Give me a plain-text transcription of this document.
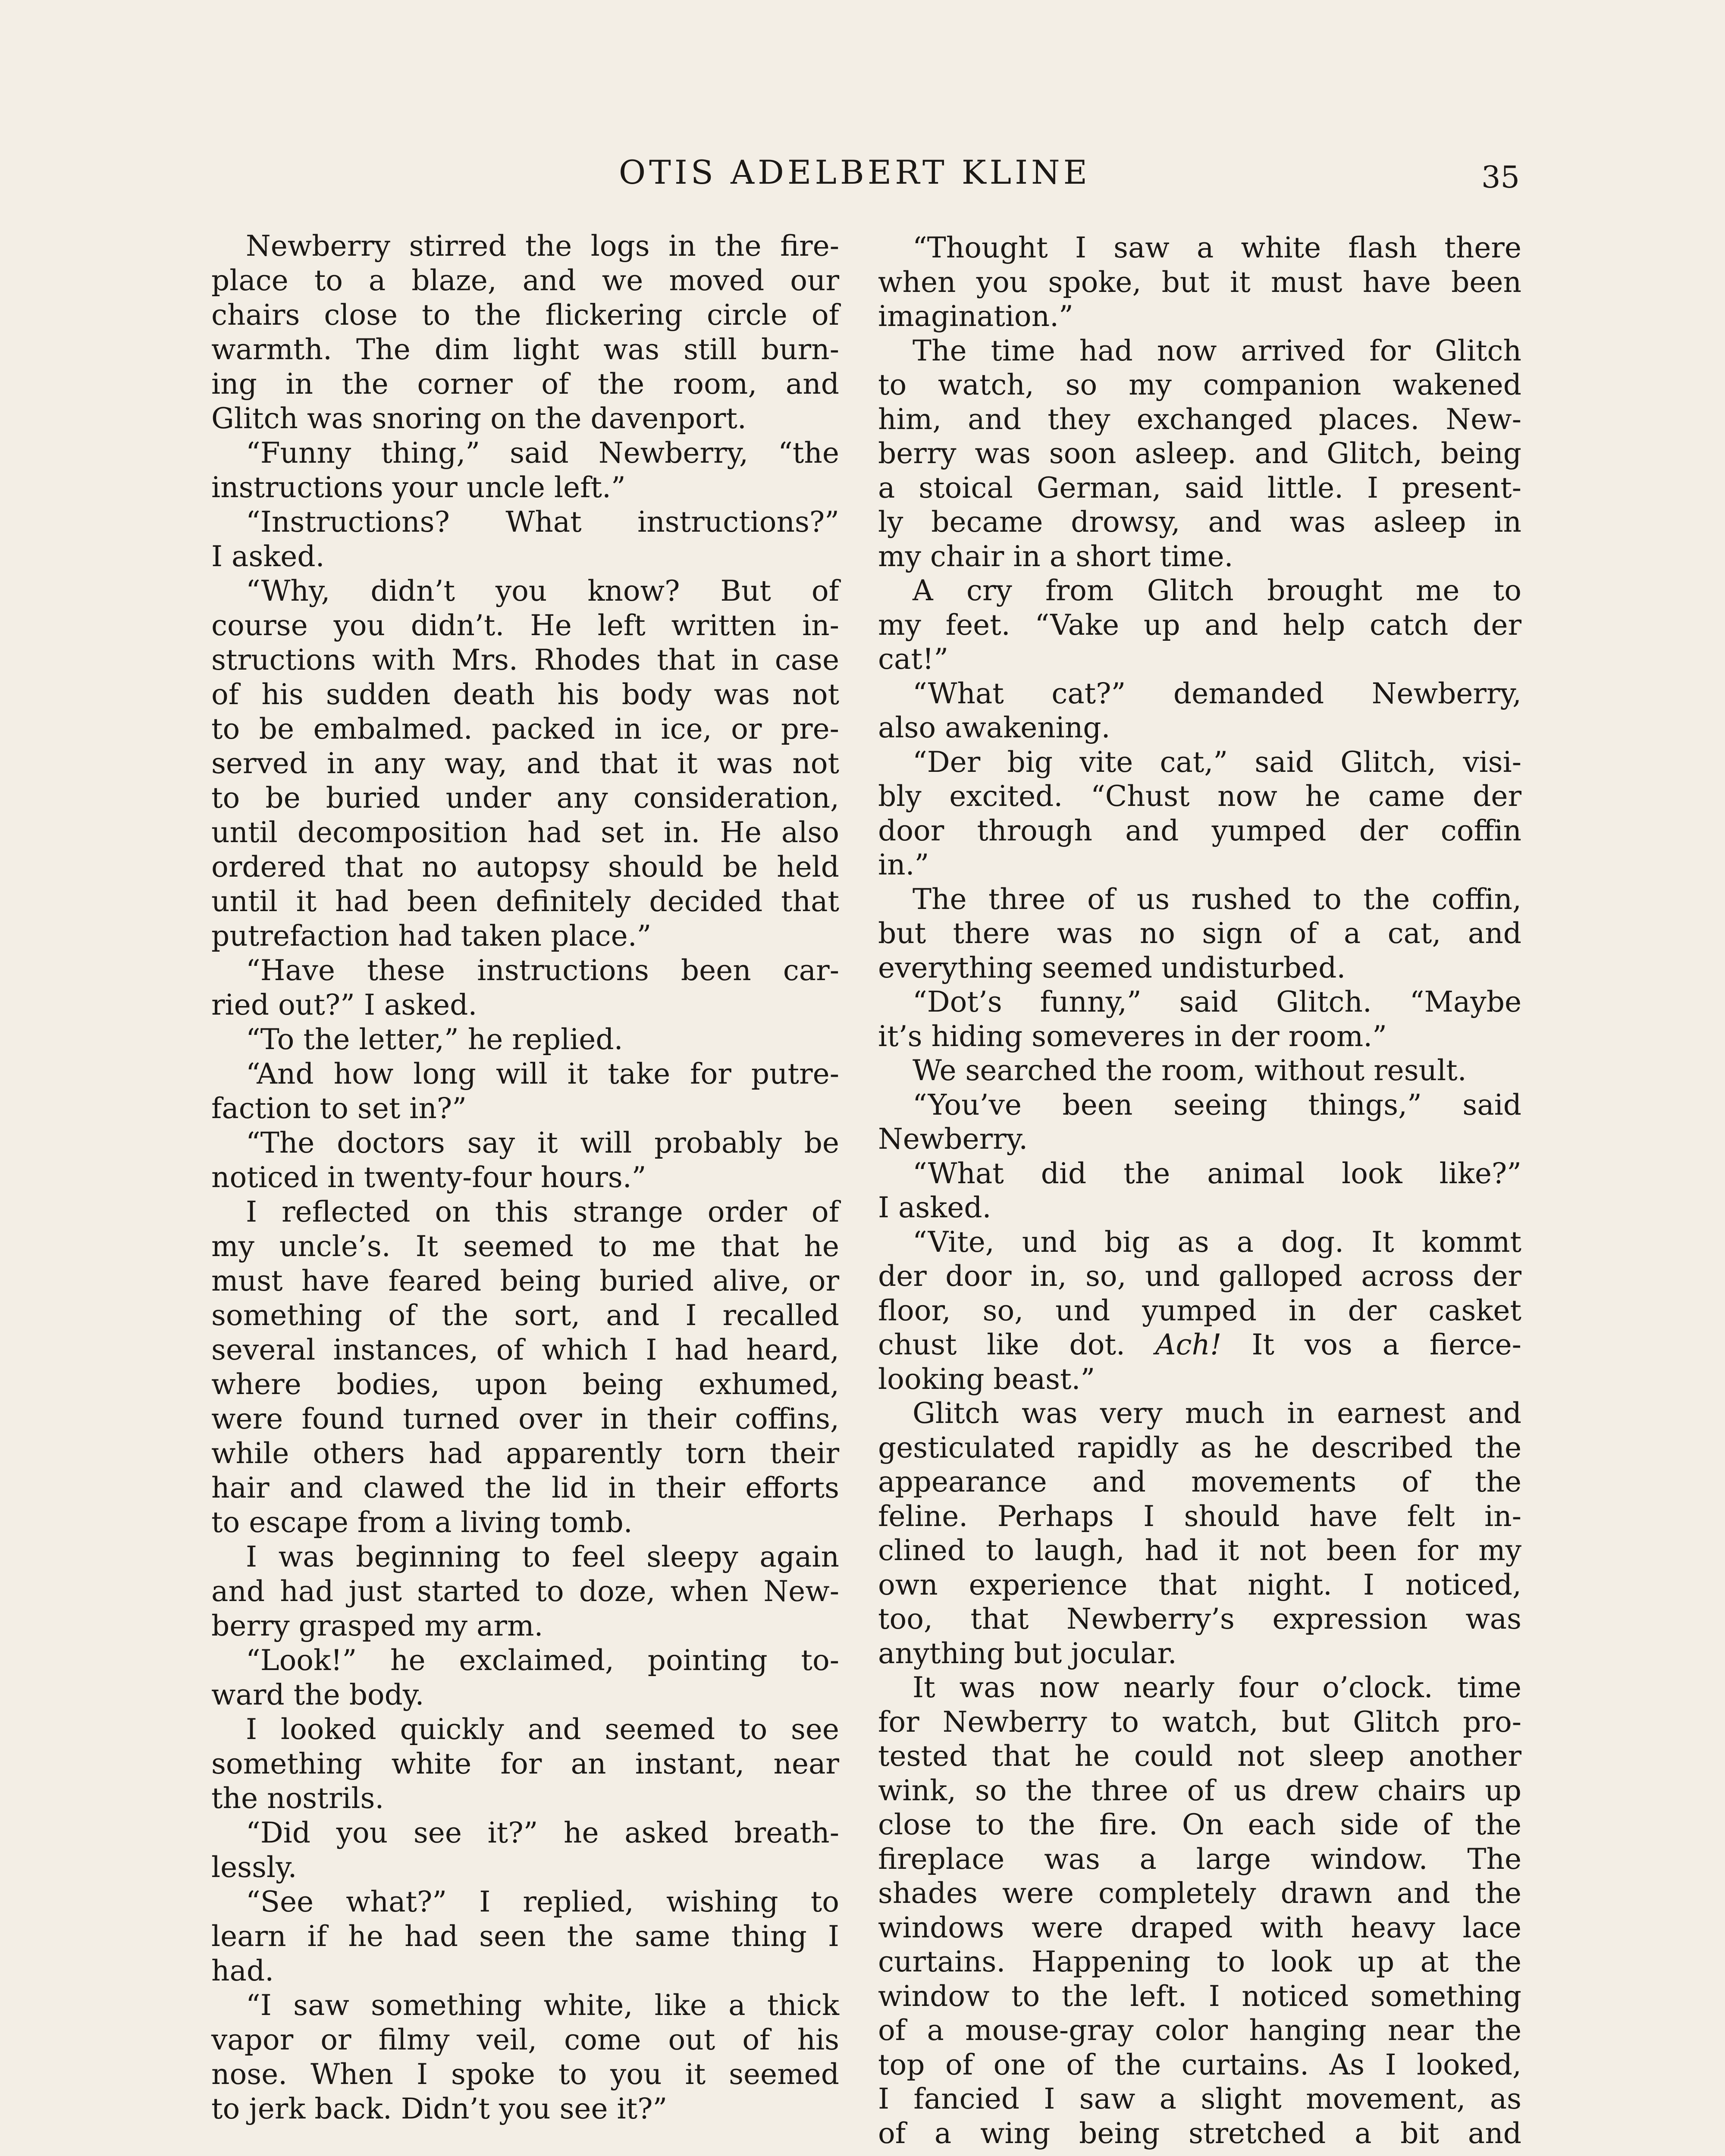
OTIS ADELBERT KLINE	35
Newberry stirred the logs in the fire-
place to a blaze, and we moved our
chairs close to the flickering circle of
warmth. The dim light was still burn-
ing in the corner of the room, and
Glitch was snoring on the davenport.
“Funny thing,” said Newberry, “the
instructions your uncle left.”
“Instructions? What instructions?”
I asked.
“Why, didn’t you know? But of
course you didn’t. He left written in-
structions with Mrs. Rhodes that in case
of his sudden death his body was not
to be embalmed. packed in ice, or pre-
served in any way, and that it was not
to be buried under any consideration,
until decomposition had set in. He also
ordered that no autopsy should be held
until it had been definitely decided that
putrefaction had taken place.”
“Have these instructions been car-
ried out?” I asked.
“To the letter,” he replied.
“And how long will it take for putre-
faction to set in?”
“The doctors say it will probably be
noticed in twenty-four hours.”
I reflected on this strange order of
my uncle’s. It seemed to me that he
must have feared being buried alive, or
something of the sort, and I recalled
several instances, of which I had heard,
where bodies, upon being exhumed,
were found turned over in their coffins,
while others had apparently torn their
hair and clawed the lid in their efforts
to escape from a living tomb.
I was beginning to feel sleepy again
and had just started to doze, when New-
berry grasped my arm.
“Look!” he exclaimed, pointing to-
ward the body.
I looked quickly and seemed to see
something white for an instant, near
the nostrils.
“Did you see it?” he asked breath-
lessly.
“See what?” I replied, wishing to
learn if he had seen the same thing I
had.
“I saw something white, like a thick
vapor or filmy veil, come out of his
nose. When I spoke to you it seemed
to jerk back. Didn’t you see it?”
“Thought I saw a white flash there
when you spoke, but it must have been
imagination.”
The time had now arrived for Glitch
to watch, so my companion wakened
him, and they exchanged places. New-
berry was soon asleep. and Glitch, being
a stoical German, said little. I present-
ly became drowsy, and was asleep in
my chair in a short time.
A cry from Glitch brought me to
my feet. “Vake up and help catch der
cat!”
“What cat?” demanded Newberry,
also awakening.
“Der big vite cat,” said Glitch, visi-
bly excited. “Chust now he came der
door through and yumped der coffin
in.”
The three of us rushed to the coffin,
but there was no sign of a cat, and
everything seemed undisturbed.
“Dot’s funny,” said Glitch. “Maybe
it’s hiding someveres in der room.”
We searched the room, without result.
“You’ve been seeing things,” said
Newberry.
“What did the animal look like?”
I asked.
“Vite, und big as a dog. It kommt
der door in, so, und galloped across der
floor, so, und yumped in der casket
chust like dot. Ach! It vos a fierce-
looking beast.”
Glitch was very much in earnest and
gesticulated rapidly as he described the
appearance and movements of the
feline. Perhaps I should have felt in-
clined to laugh, had it not been for my
own experience that night. I noticed,
too, that Newberry’s expression was
anything but jocular.
It was now nearly four o’clock. time
for Newberry to watch, but Glitch pro-
tested that he could not sleep another
wink, so the three of us drew chairs up
close to the fire. On each side of the
fireplace was a large window. The
shades were completely drawn and the
windows were draped with heavy lace
curtains. Happening to look up at the
window to the left. I noticed something
of a mouse-gray color hanging near the
top of one of the curtains. As I looked,
I fancied I saw a slight movement, as
of a wing being stretched a bit and
